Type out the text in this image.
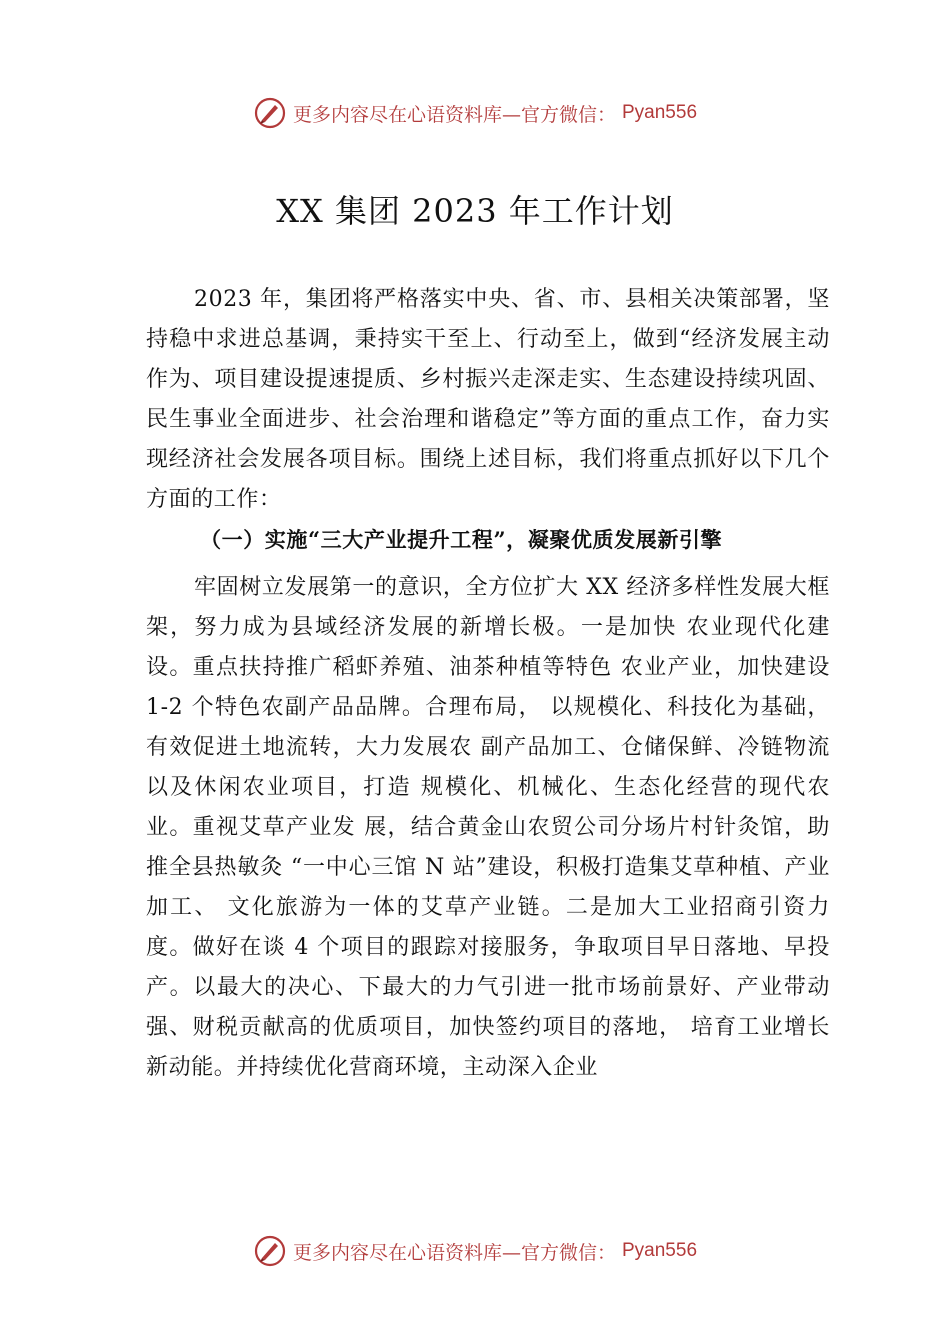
更多内容尽在心语资料库—官方微信： Pyan556
XX 集团 2023 年工作计划

2023 年，集团将严格落实中央、省、市、县相关决策部署，坚持稳中求进总基调，秉持实干至上、行动至上，做到“经济发展主动作为、项目建设提速提质、乡村振兴走深走实、生态建设持续巩固、民生事业全面进步、社会治理和谐稳定”等方面的重点工作，奋力实现经济社会发展各项目标。围绕上述目标，我们将重点抓好以下几个方面的工作：

（一）实施“三大产业提升工程”，凝聚优质发展新引擎

牢固树立发展第一的意识，全方位扩大 XX 经济多样性发展大框架，努力成为县域经济发展的新增长极。一是加快 农业现代化建设。重点扶持推广稻虾养殖、油茶种植等特色 农业产业，加快建设 1-2 个特色农副产品品牌。合理布局， 以规模化、科技化为基础，有效促进土地流转，大力发展农 副产品加工、仓储保鲜、冷链物流以及休闲农业项目，打造 规模化、机械化、生态化经营的现代农业。重视艾草产业发 展，结合黄金山农贸公司分场片村针灸馆，助推全县热敏灸 “一中心三馆 N 站”建设，积极打造集艾草种植、产业加工、 文化旅游为一体的艾草产业链。二是加大工业招商引资力度。做好在谈 4 个项目的跟踪对接服务，争取项目早日落地、早投产。以最大的决心、下最大的力气引进一批市场前景好、产业带动强、财税贡献高的优质项目，加快签约项目的落地， 培育工业增长新动能。并持续优化营商环境，主动深入企业

更多内容尽在心语资料库—官方微信： Pyan556
